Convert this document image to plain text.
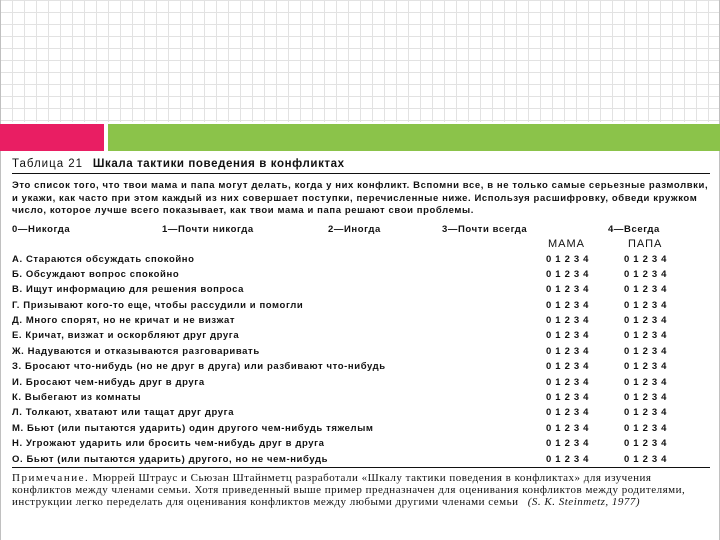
Таблица 21 Шкала тактики поведения в конфликтах
Это список того, что твои мама и папа могут делать, когда у них конфликт. Вспомни все, в не только самые серьезные размолвки, и укажи, как часто при этом каждый из них совершает поступки, перечисленные ниже. Используя расшифровку, обведи кружком число, которое лучше всего показывает, как твои мама и папа решают свои проблемы.
0—Никогда	1—Почти никогда	2—Иногда	3—Почти всегда	4—Всегда
МАМА	ПАПА
А. Стараются обсуждать спокойно	01234	01234
Б. Обсуждают вопрос спокойно	01234	01234
В. Ищут информацию для решения вопроса	01234	01234
Г. Призывают кого-то еще, чтобы рассудили и помогли	01234	01234
Д. Много спорят, но не кричат и не визжат	01234	01234
Е. Кричат, визжат и оскорбляют друг друга	01234	01234
Ж. Надуваются и отказываются разговаривать	01234	01234
З. Бросают что-нибудь (но не друг в друга) или разбивают что-нибудь	01234	01234
И. Бросают чем-нибудь друг в друга	01234	01234
К. Выбегают из комнаты	01234	01234
Л. Толкают, хватают или тащат друг друга	01234	01234
М. Бьют (или пытаются ударить) один другого чем-нибудь тяжелым	01234	01234
Н. Угрожают ударить или бросить чем-нибудь друг в друга	01234	01234
О. Бьют (или пытаются ударить) другого, но не чем-нибудь	01234	01234
Примечание. Мюррей Штраус и Сьюзан Штайнметц разработали «Шкалу тактики поведения в конфликтах» для изучения конфликтов между членами семьи. Хотя приведенный выше пример предназначен для оценивания конфликтов между родителями, инструкции легко переделать для оценивания конфликтов между любыми другими членами семьи (S. K. Steinmetz, 1977)
